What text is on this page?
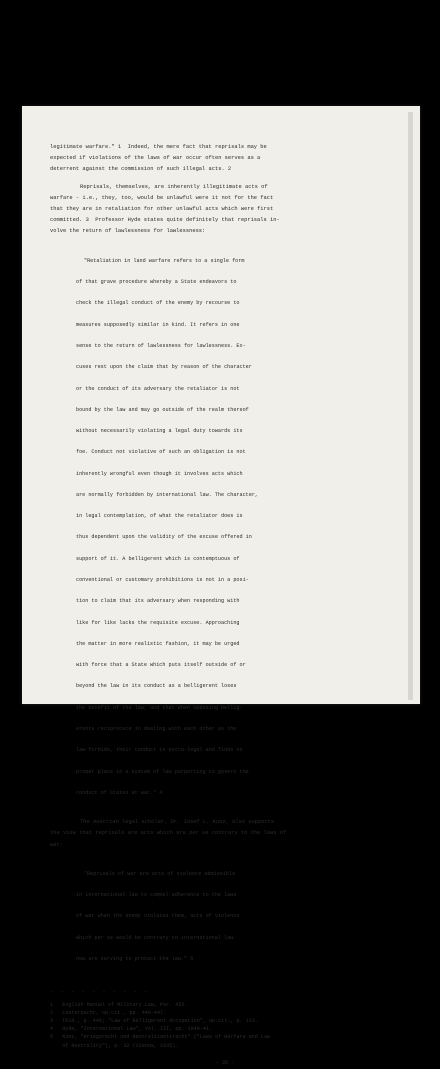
legitimate warfare." 1  Indeed, the mere fact that reprisals may be

expected if violations of the laws of war occur often serves as a

deterrent against the commission of such illegal acts. 2

Reprisals, themselves, are inherently illegitimate acts of

warfare - i.e., they, too, would be unlawful were it not for the fact

that they are in retaliation for other unlawful acts which were first

committed. 3  Professor Hyde states quite definitely that reprisals in-

volve the return of lawlessness for lawlessness:

"Retaliation in land warfare refers to a single form

of that grave procedure whereby a State endeavors to

check the illegal conduct of the enemy by recourse to

measures supposedly similar in kind. It refers in one

sense to the return of lawlessness for lawlessness. Ex-

cuses rest upon the claim that by reason of the character

or the conduct of its adversary the retaliator is not

bound by the law and may go outside of the realm thereof

without necessarily violating a legal duty towards its

foe. Conduct not violative of such an obligation is not

inherently wrongful even though it involves acts which

are normally forbidden by international law. The character,

in legal contemplation, of what the retaliator does is

thus dependent upon the validity of the excuse offered in

support of it. A belligerent which is contemptuous of

conventional or customary prohibitions is not in a posi-

tion to claim that its adversary when responding with

like for like lacks the requisite excuse. Approaching

the matter in more realistic fashion, it may be urged

with force that a State which puts itself outside of or

beyond the law in its conduct as a belligerent loses

the benefit of the law, and that when opposing bellig-

erents reciprocate in dealing with each other as the

law forbids, their conduct is extra-legal and finds no

proper place in a system of law purporting to govern the

conduct of States at war." 4

The Austrian legal scholar, Dr. Josef L. Kunz, also supports

the view that reprisals are acts which are per se contrary to the laws of

war:

"Reprisals of war are acts of violence admissible

in international law to compel adherence to the laws

of war when the enemy violates them, acts of violence

which per se would be contrary to international law

now are serving to protect the law." 5

- - - - - - - - - -
1   English Manual of Military Law, Par. 452.
2   Lauterpacht, op.cit., pp. 446-447.
3   Ibid., p. 446; "Law of Belligerent Occupation", op.cit., p. 113.
4   Hyde, "International Law", Vol. III, pp. 1840-41.
5   Kunz, "Kriegsrecht und Neutralitaetsrecht" ("Laws of Warfare and Law
of Neutrality"), p. 32 (Vienna, 1935).
- 35 -
